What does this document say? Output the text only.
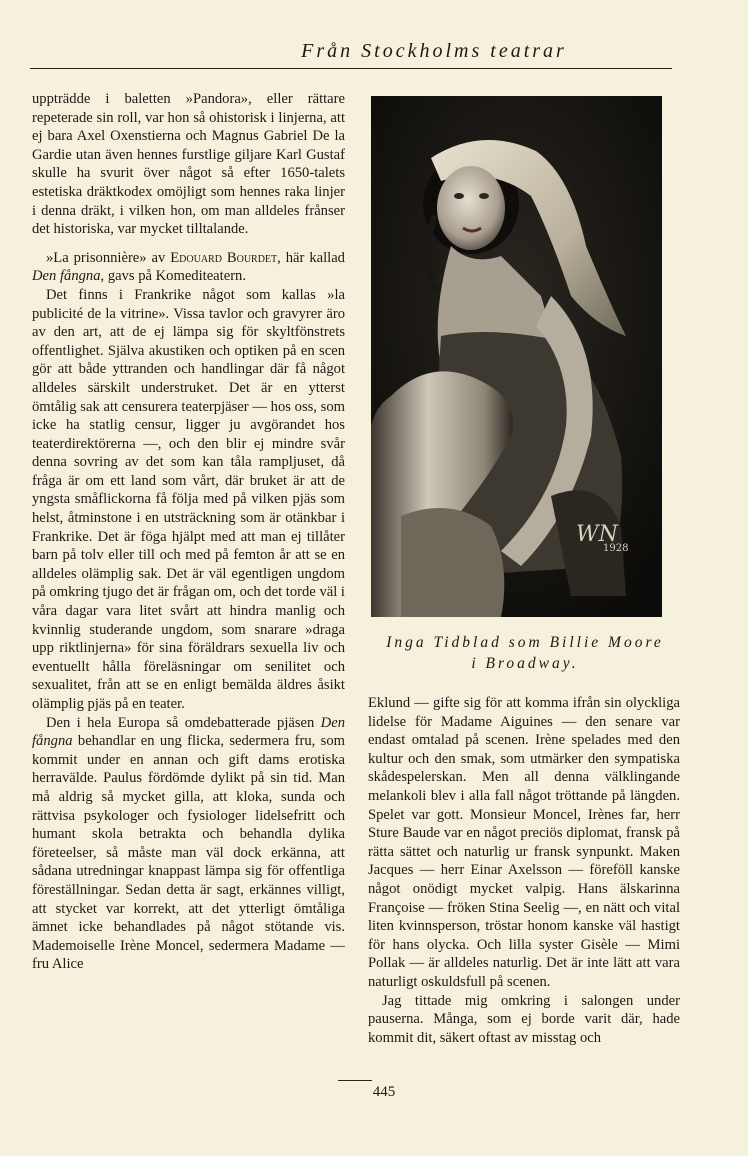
Från Stockholms teatrar

uppträdde i baletten »Pandora», eller rättare repeterade sin roll, var hon så ohistorisk i linjerna, att ej bara Axel Oxenstierna och Magnus Gabriel De la Gardie utan även hennes furstlige giljare Karl Gustaf skulle ha svurit över något så efter 1650-talets estetiska dräktkodex omöjligt som hennes raka linjer i denna dräkt, i vilken hon, om man alldeles frånser det historiska, var mycket tilltalande.

»La prisonnière» av Edouard Bourdet, här kallad Den fångna, gavs på Komediteatern.

Det finns i Frankrike något som kallas »la publicité de la vitrine». Vissa tavlor och gravyrer äro av den art, att de ej lämpa sig för skyltfönstrets offentlighet. Själva akustiken och optiken på en scen gör att både yttranden och handlingar där få något alldeles särskilt understruket. Det är en ytterst ömtålig sak att censurera teaterpjäser — hos oss, som icke ha statlig censur, ligger ju avgörandet hos teaterdirektörerna —, och den blir ej mindre svår denna sovring av det som kan tåla rampljuset, då fråga är om ett land som vårt, där bruket är att de yngsta småflickorna få följa med på vilken pjäs som helst, åtminstone i en utsträckning som är otänkbar i Frankrike. Det är föga hjälpt med att man ej tillåter barn på tolv eller till och med på femton år att se en alldeles olämplig sak. Det är väl egentligen ungdom på omkring tjugo det är frågan om, och det torde väl i våra dagar vara litet svårt att hindra manlig och kvinnlig studerande ungdom, som snarare »draga upp riktlinjerna» för sina föräldrars sexuella liv och eventuellt hålla föreläsningar om senilitet och sexualitet, från att se en enligt bemälda äldres åsikt olämplig pjäs på en teater.

Den i hela Europa så omdebatterade pjäsen Den fångna behandlar en ung flicka, sedermera fru, som kommit under en annan och gift dams erotiska herravälde. Paulus fördömde dylikt på sin tid. Man må aldrig så mycket gilla, att kloka, sunda och rättvisa psykologer och fysiologer lidelsefritt och humant skola betrakta och behandla dylika företeelser, så måste man väl dock erkänna, att sådana utredningar knappast lämpa sig för offentliga föreställningar. Sedan detta är sagt, erkännes villigt, att stycket var korrekt, att det ytterligt ömtåliga ämnet icke behandlades på något stötande vis. Mademoiselle Irène Moncel, sedermera Madame — fru Alice

WN
1928
Inga Tidblad som Billie Moore
i Broadway.

Eklund — gifte sig för att komma ifrån sin olyckliga lidelse för Madame Aiguines — den senare var endast omtalad på scenen. Irène spelades med den kultur och den smak, som utmärker den sympatiska skådespelerskan. Men all denna välklingande melankoli blev i alla fall något tröttande på längden. Spelet var gott. Monsieur Moncel, Irènes far, herr Sture Baude var en något preciös diplomat, fransk på rätta sättet och naturlig ur fransk synpunkt. Maken Jacques — herr Einar Axelsson — föreföll kanske något onödigt mycket valpig. Hans älskarinna Françoise — fröken Stina Seelig —, en nätt och vital liten kvinnsperson, tröstar honom kanske väl hastigt för hans olycka. Och lilla syster Gisèle — Mimi Pollak — är alldeles naturlig. Det är inte lätt att vara naturligt oskuldsfull på scenen.

Jag tittade mig omkring i salongen under pauserna. Många, som ej borde varit där, hade kommit dit, säkert oftast av misstag och

445
